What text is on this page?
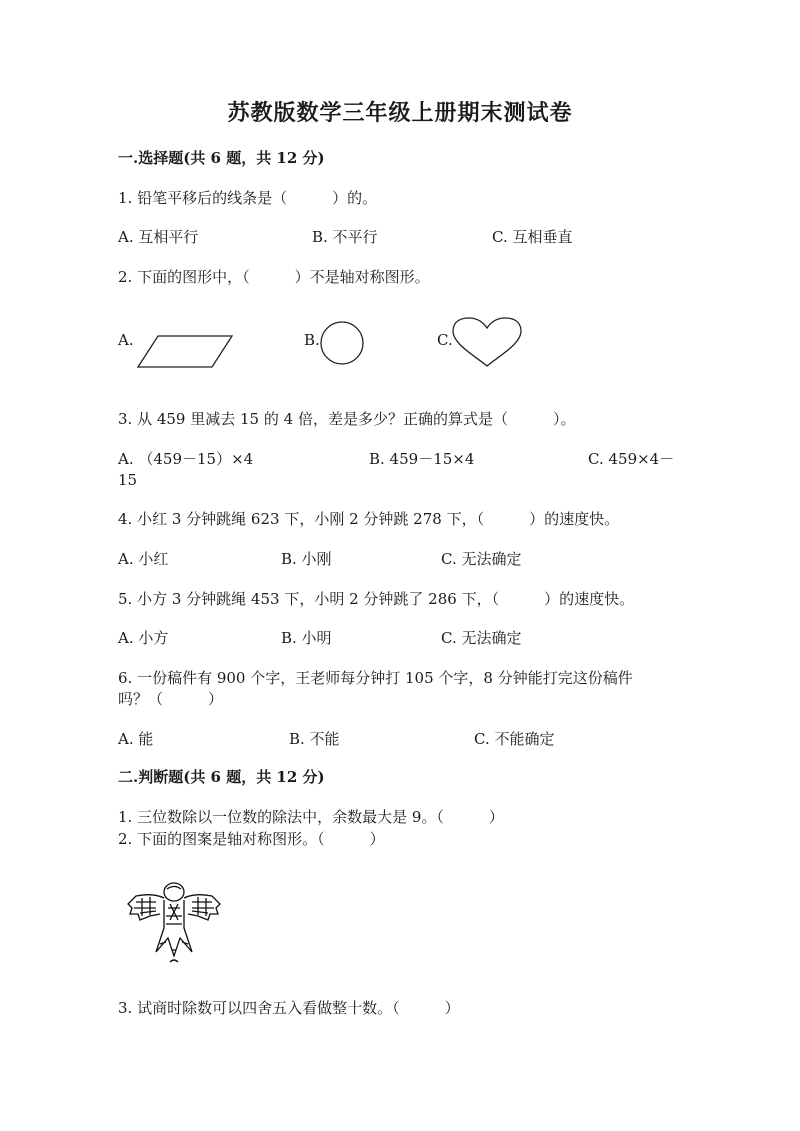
苏教版数学三年级上册期末测试卷
一.选择题(共 6 题，共 12 分)
1. 铅笔平移后的线条是（　　　）的。
A. 互相平行	B. 不平行	C. 互相垂直
2. 下面的图形中，（　　　）不是轴对称图形。
A.	B.	C.
3. 从 459 里减去 15 的 4 倍，差是多少？正确的算式是（　　　）。
A. （459－15）×4	B. 459－15×4	C. 459×4－
15
4. 小红 3 分钟跳绳 623 下，小刚 2 分钟跳 278 下，（　　　）的速度快。
A. 小红	B. 小刚	C. 无法确定
5. 小方 3 分钟跳绳 453 下，小明 2 分钟跳了 286 下，（　　　）的速度快。
A. 小方	B. 小明	C. 无法确定
6. 一份稿件有 900 个字，王老师每分钟打 105 个字，8 分钟能打完这份稿件
吗？（　　　）
A. 能	B. 不能	C. 不能确定
二.判断题(共 6 题，共 12 分)
1. 三位数除以一位数的除法中，余数最大是 9。（　　　）
2. 下面的图案是轴对称图形。（　　　）
3. 试商时除数可以四舍五入看做整十数。（　　　）
